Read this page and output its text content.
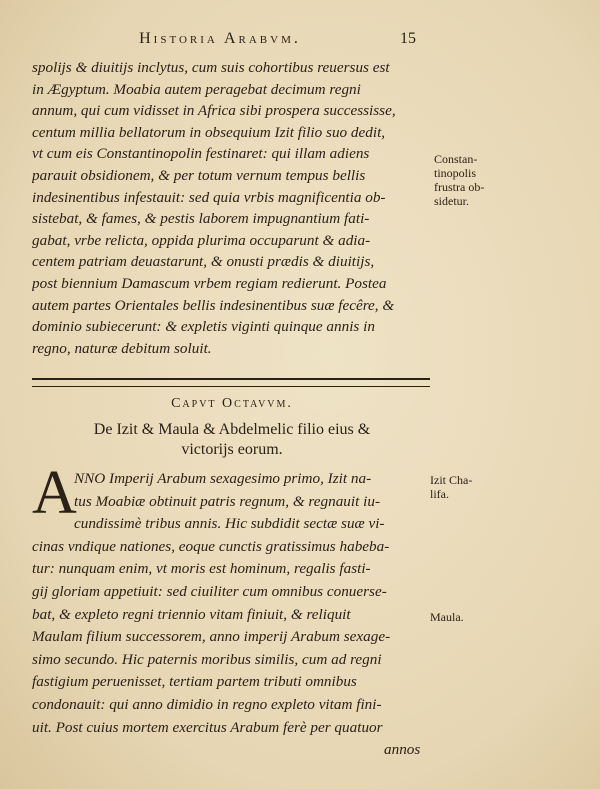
Historia Arabvm.	15
spolijs & diuitijs inclytus, cum suis cohortibus reuersus est
in Ægyptum. Moabia autem peragebat decimum regni
annum, qui cum vidisset in Africa sibi prospera successisse,
centum millia bellatorum in obsequium Izit filio suo dedit,
vt cum eis Constantinopolin festinaret: qui illam adiens
parauit obsidionem, & per totum vernum tempus bellis
indesinentibus infestauit: sed quia vrbis magnificentia ob-
sistebat, & fames, & pestis laborem impugnantium fati-
gabat, vrbe relicta, oppida plurima occuparunt & adia-
centem patriam deuastarunt, & onusti prædis & diuitijs,
post biennium Damascum vrbem regiam redierunt. Postea
autem partes Orientales bellis indesinentibus suæ fecêre, &
dominio subiecerunt: & expletis viginti quinque annis in
regno, naturæ debitum soluit.
Constan-
tinopolis
frustra ob-
sidetur.
Capvt Octavvm.
De Izit & Maula & Abdelmelic filio eius &
victorijs eorum.
A
NNO Imperij Arabum sexagesimo primo, Izit na-
tus Moabiæ obtinuit patris regnum, & regnauit iu-
cundissimè tribus annis. Hic subdidit sectæ suæ vi-
cinas vndique nationes, eoque cunctis gratissimus habeba-
tur: nunquam enim, vt moris est hominum, regalis fasti-
gij gloriam appetiuit: sed ciuiliter cum omnibus conuerse-
bat, & expleto regni triennio vitam finiuit, & reliquit
Maulam filium successorem, anno imperij Arabum sexage-
simo secundo. Hic paternis moribus similis, cum ad regni
fastigium peruenisset, tertiam partem tributi omnibus
condonauit: qui anno dimidio in regno expleto vitam fini-
uit. Post cuius mortem exercitus Arabum ferè per quatuor
annos
Izit Cha-
lifa.
Maula.
